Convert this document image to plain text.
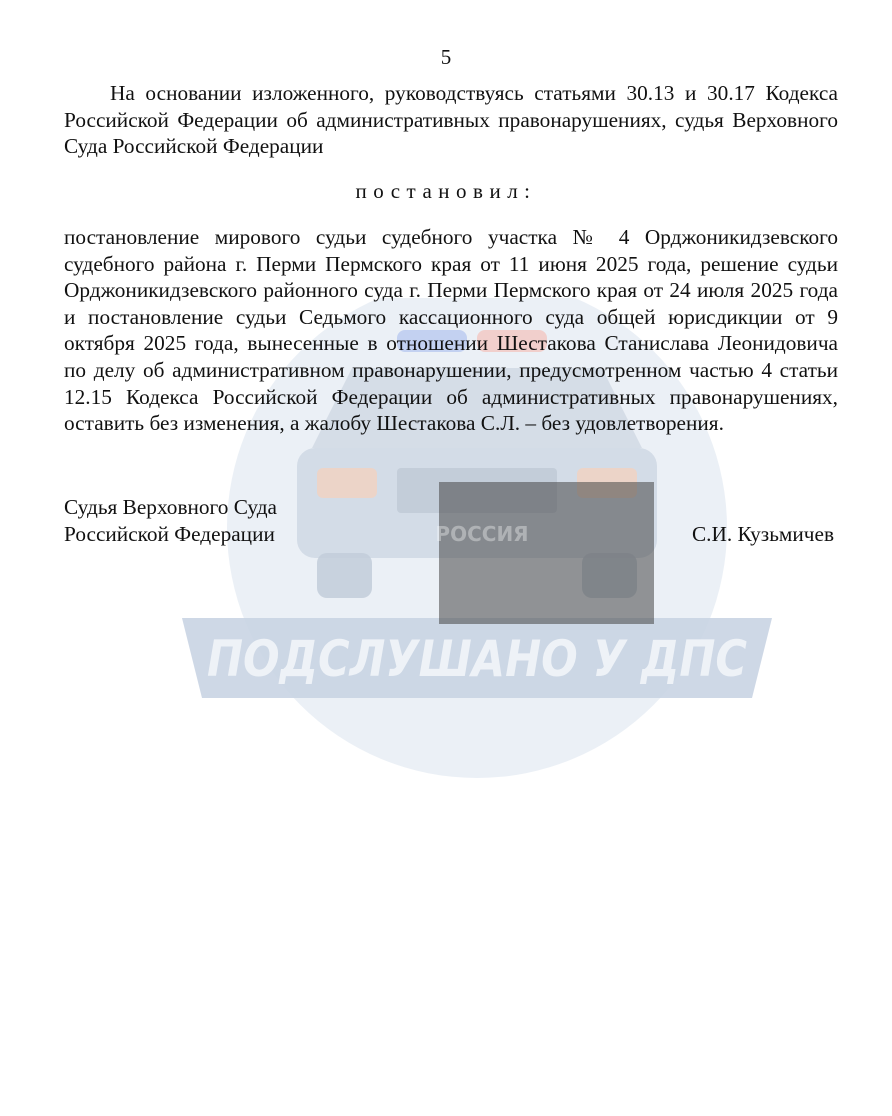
ПОДСЛУШАНО У ДПС
5
На основании изложенного, руководствуясь статьями 30.13 и 30.17 Кодекса Российской Федерации об административных правонарушениях, судья Верховного Суда Российской Федерации
постановил:
постановление мирового судьи судебного участка № 4 Орджоникидзевского судебного района г. Перми Пермского края от 11 июня 2025 года, решение судьи Орджоникидзевского районного суда г. Перми Пермского края от 24 июля 2025 года и постановление судьи Седьмого кассационного суда общей юрисдикции от 9 октября 2025 года, вынесенные в отношении Шестакова Станислава Леонидовича по делу об административном правонарушении, предусмотренном частью 4 статьи 12.15 Кодекса Российской Федерации об административных правонарушениях, оставить без изменения, а жалобу Шестакова С.Л. – без удовлетворения.
Судья Верховного Суда
Российской Федерации	РОССИЯ	С.И. Кузьмичев
